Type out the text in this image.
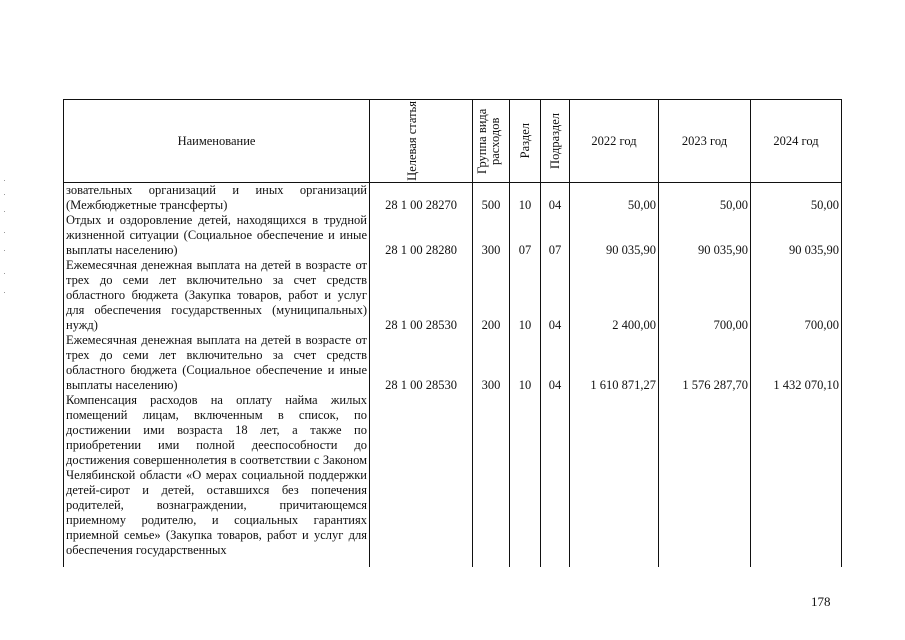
Наименование	Целевая статья	Группа вида расходов	Раздел	Подраздел	2022 год	2023 год	2024 год
зовательных организаций и иных организаций (Межбюджетные трансферты)	28 1 00 28270	500	10	04	50,00	50,00	50,00
Отдых и оздоровление детей, находящихся в трудной жизненной ситуации (Социальное обеспечение и иные выплаты населению)	28 1 00 28280	300	07	07	90 035,90	90 035,90	90 035,90
Ежемесячная денежная выплата на детей в возрасте от трех до семи лет включительно за счет средств областного бюджета (Закупка товаров, работ и услуг для обеспечения государственных (муниципальных) нужд)	28 1 00 28530	200	10	04	2 400,00	700,00	700,00
Ежемесячная денежная выплата на детей в возрасте от трех до семи лет включительно за счет средств областного бюджета (Социальное обеспечение и иные выплаты населению)	28 1 00 28530	300	10	04	1 610 871,27	1 576 287,70	1 432 070,10
Компенсация расходов на оплату найма жилых помещений лицам, включенным в список, по достижении ими возраста 18 лет, а также по приобретении ими полной дееспособности до достижения совершеннолетия в соответствии с Законом Челябинской области «О мерах социальной поддержки детей-сирот и детей, оставшихся без попечения родителей, вознаграждении, причитающемся приемному родителю, и социальных гарантиях приемной семье» (Закупка товаров, работ и услуг для обеспечения государственных							
178
